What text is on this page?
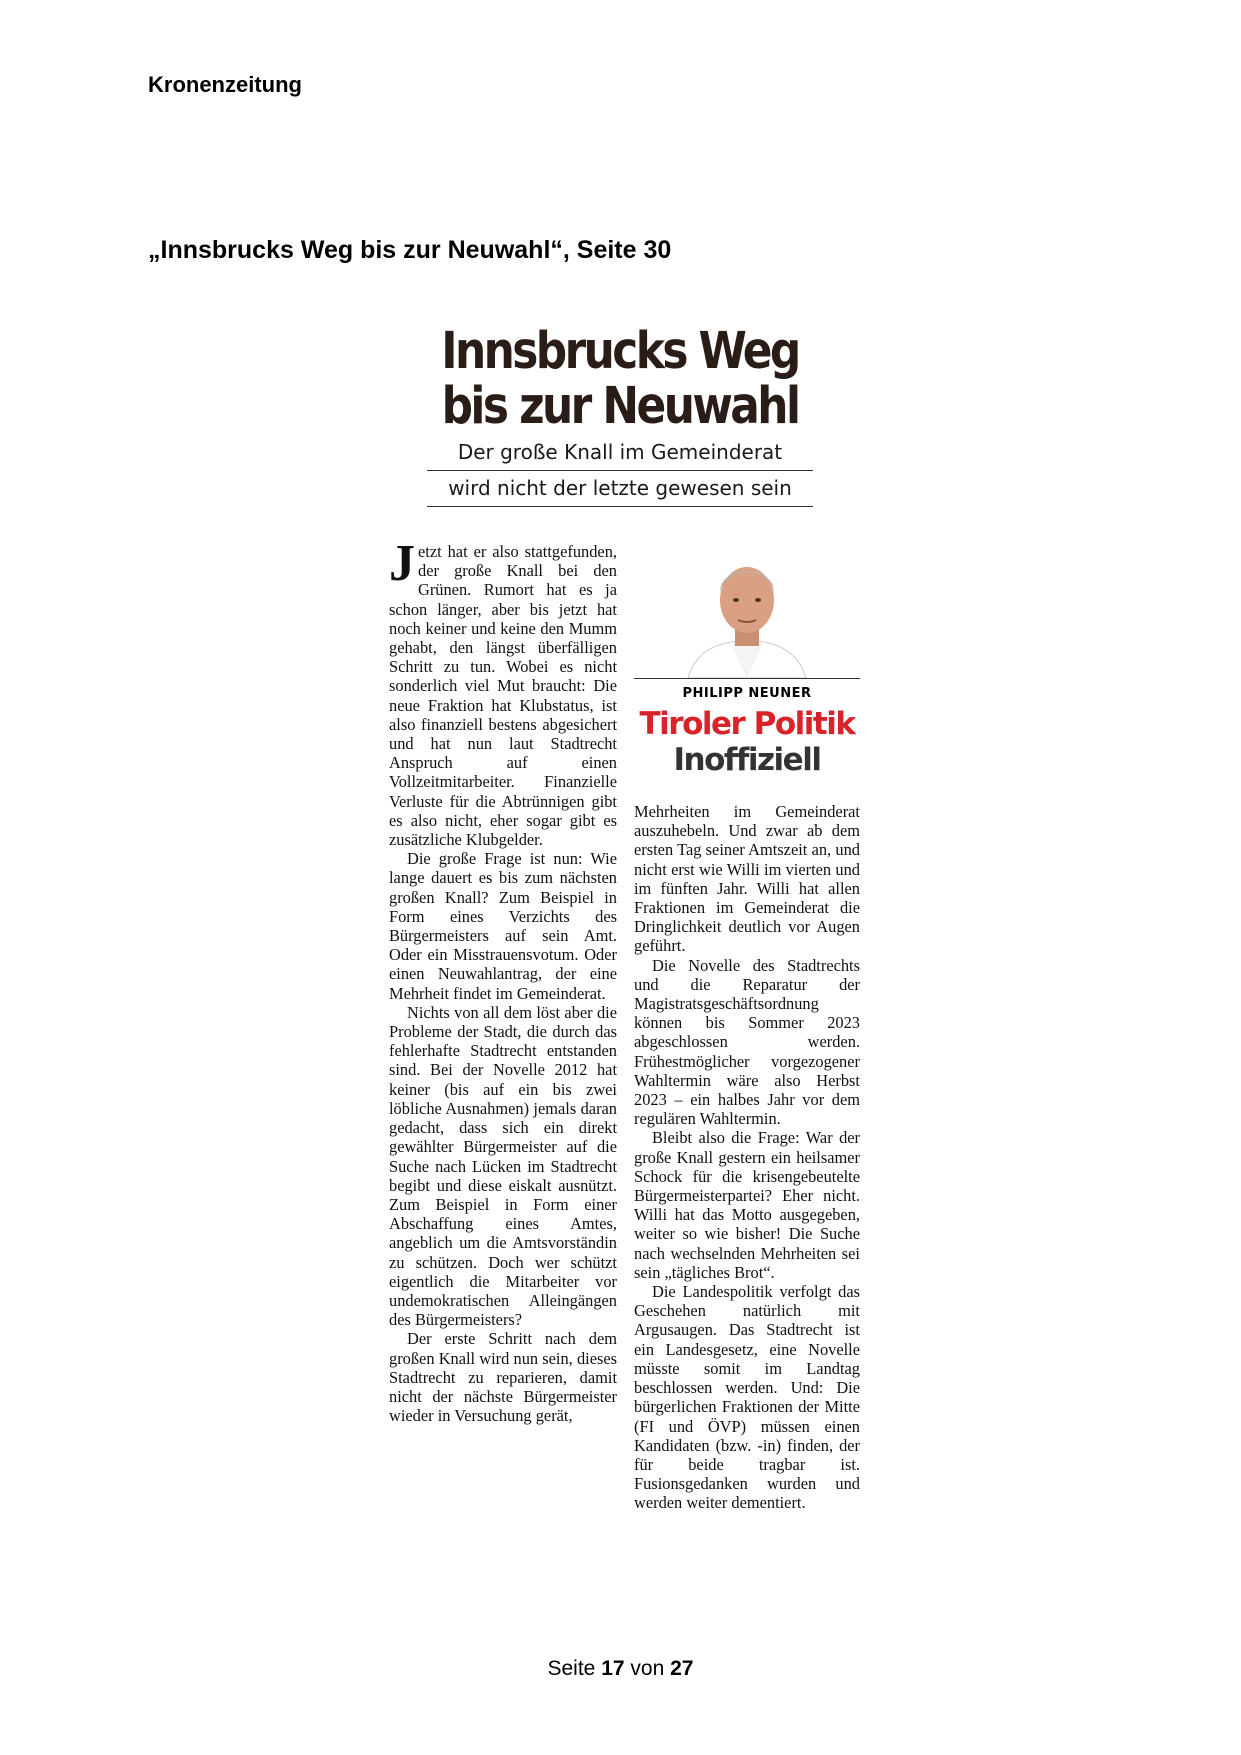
Kronenzeitung
„Innsbrucks Weg bis zur Neuwahl“, Seite 30
Innsbrucks Weg
bis zur Neuwahl
Der große Knall im Gemeinderat
wird nicht der letzte gewesen sein

Jetzt hat er also stattgefunden, der große Knall bei den Grünen. Rumort hat es ja schon länger, aber bis jetzt hat noch keiner und keine den Mumm gehabt, den längst überfälligen Schritt zu tun. Wobei es nicht sonderlich viel Mut braucht: Die neue Fraktion hat Klubstatus, ist also finanziell bestens abgesichert und hat nun laut Stadtrecht Anspruch auf einen Vollzeitmitarbeiter. Finanzielle Verluste für die Abtrünnigen gibt es also nicht, eher sogar gibt es zusätzliche Klubgelder.

Die große Frage ist nun: Wie lange dauert es bis zum nächsten großen Knall? Zum Beispiel in Form eines Verzichts des Bürgermeisters auf sein Amt. Oder ein Misstrauensvotum. Oder einen Neuwahlantrag, der eine Mehrheit findet im Gemeinderat.

Nichts von all dem löst aber die Probleme der Stadt, die durch das fehlerhafte Stadtrecht entstanden sind. Bei der Novelle 2012 hat keiner (bis auf ein bis zwei löbliche Ausnahmen) jemals daran gedacht, dass sich ein direkt gewählter Bürgermeister auf die Suche nach Lücken im Stadtrecht begibt und diese eiskalt ausnützt. Zum Beispiel in Form einer Abschaffung eines Amtes, angeblich um die Amtsvorständin zu schützen. Doch wer schützt eigentlich die Mitarbeiter vor undemokratischen Alleingängen des Bürgermeisters?

Der erste Schritt nach dem großen Knall wird nun sein, dieses Stadtrecht zu reparieren, damit nicht der nächste Bürgermeister wieder in Versuchung gerät,

PHILIPP NEUNER
Tiroler Politik
Inoffiziell

Mehrheiten im Gemeinderat auszuhebeln. Und zwar ab dem ersten Tag seiner Amtszeit an, und nicht erst wie Willi im vierten und im fünften Jahr. Willi hat allen Fraktionen im Gemeinderat die Dringlichkeit deutlich vor Augen geführt.

Die Novelle des Stadtrechts und die Reparatur der Magistratsgeschäftsordnung können bis Sommer 2023 abgeschlossen werden. Frühestmöglicher vorgezogener Wahltermin wäre also Herbst 2023 – ein halbes Jahr vor dem regulären Wahltermin.

Bleibt also die Frage: War der große Knall gestern ein heilsamer Schock für die krisengebeutelte Bürgermeisterpartei? Eher nicht. Willi hat das Motto ausgegeben, weiter so wie bisher! Die Suche nach wechselnden Mehrheiten sei sein „tägliches Brot“.

Die Landespolitik verfolgt das Geschehen natürlich mit Argusaugen. Das Stadtrecht ist ein Landesgesetz, eine Novelle müsste somit im Landtag beschlossen werden. Und: Die bürgerlichen Fraktionen der Mitte (FI und ÖVP) müssen einen Kandidaten (bzw. -in) finden, der für beide tragbar ist. Fusionsgedanken wurden und werden weiter dementiert.

Seite 17 von 27
